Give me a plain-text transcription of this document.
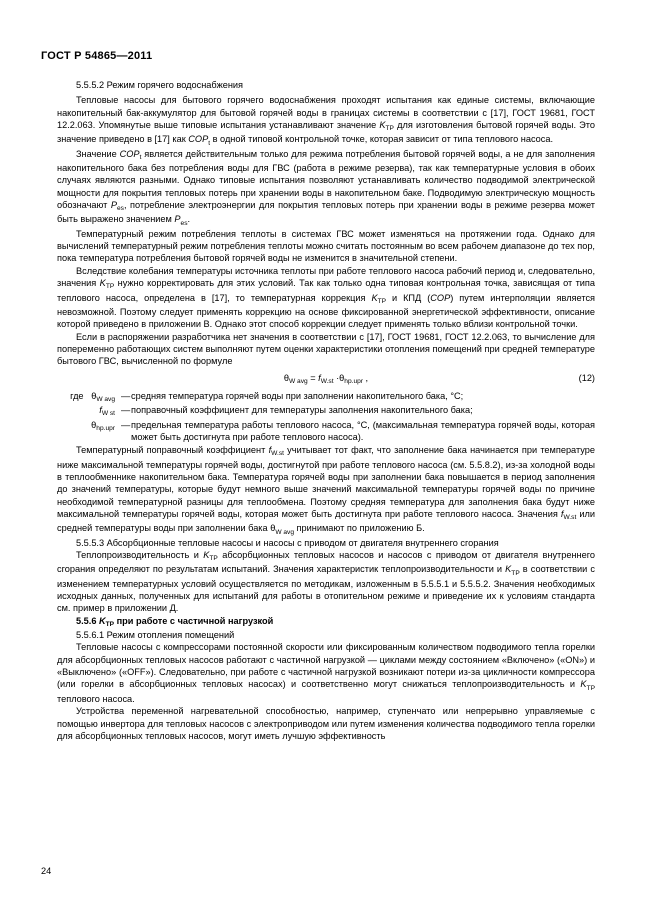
ГОСТ Р 54865—2011

5.5.5.2 Режим горячего водоснабжения

Тепловые насосы для бытового горячего водоснабжения проходят испытания как единые системы, включающие накопительный бак-аккумулятор для бытовой горячей воды в границах системы в соответствии с [17], ГОСТ 19681, ГОСТ 12.2.063. Упомянутые выше типовые испытания устанавливают значение $K_{ТР}$ для изготовления бытовой горячей воды. Это значение приведено в [17] как $COP_t$ в одной типовой контрольной точке, которая зависит от типа теплового насоса.

Значение $COP_t$ является действительным только для режима потребления бытовой горячей воды, а не для заполнения накопительного бака без потребления воды для ГВС (работа в режиме резерва), так как температурные условия в обоих случаях являются разными. Однако типовые испытания позволяют устанавливать количество подводимой электрической мощности для покрытия тепловых потерь при хранении воды в накопительном баке. Подводимую электрическую мощность обозначают $P_{es}$, потребление электроэнергии для покрытия тепловых потерь при хранении воды в режиме резерва может быть выражено значением $P_{es}$.

Температурный режим потребления теплоты в системах ГВС может изменяться на протяжении года. Однако для вычислений температурный режим потребления теплоты можно считать постоянным во всем рабочем диапазоне до тех пор, пока температура потребления бытовой горячей воды не изменится в значительной степени.

Вследствие колебания температуры источника теплоты при работе теплового насоса рабочий период и, следовательно, значения $K_{ТР}$ нужно корректировать для этих условий. Так как только одна типовая контрольная точка, зависящая от типа теплового насоса, определена в [17], то температурная коррекция $K_{ТР}$ и КПД (COP) путем интерполяции является невозможной. Поэтому следует применять коррекцию на основе фиксированной энергетической эффективности, описание которой приведено в приложении В. Однако этот способ коррекции следует применять только вблизи контрольной точки.

Если в распоряжении разработчика нет значения в соответствии с [17], ГОСТ 19681, ГОСТ 12.2.063, то вычисление для попеременно работающих систем выполняют путем оценки характеристики отопления помещений при средней температуре бытового ГВС, вычисленной по формуле

$\theta_{W avg} = f_{W.st} \cdot\theta_{hp.upr}$ ,	(12)
где   $\theta_{W avg}$ — средняя температура горячей воды при заполнении накопительного бака, °С;
$f_{W st}$ — поправочный коэффициент для температуры заполнения накопительного бака;
$\theta_{hp.upr}$ — предельная температура работы теплового насоса, °С, (максимальная температура горячей воды, которая может быть достигнута при работе теплового насоса).

Температурный поправочный коэффициент $f_{W.st}$ учитывает тот факт, что заполнение бака начинается при температуре ниже максимальной температуры горячей воды, достигнутой при работе теплового насоса (см. 5.5.8.2), из-за холодной воды в теплообменнике накопительном бака. Температура горячей воды при заполнении бака повышается в период заполнения до значений температуры, которые будут немного выше значений максимальной температуры горячей воды по причине необходимой температурной разницы для теплообмена. Поэтому средняя температура для заполнения бака будут ниже максимальной температуры горячей воды, которая может быть достигнута при работе теплового насоса. Значения $f_{W.st}$ или средней температуры воды при заполнении бака $\theta_{W avg}$ принимают по приложению Б.

5.5.5.3 Абсорбционные тепловые насосы и насосы с приводом от двигателя внутреннего сгорания

Теплопроизводительность и $K_{ТР}$ абсорбционных тепловых насосов и насосов с приводом от двигателя внутреннего сгорания определяют по результатам испытаний. Значения характеристик теплопроизводительности и $K_{ТР}$ в соответствии с изменением температурных условий осуществляется по методикам, изложенным в 5.5.5.1 и 5.5.5.2. Значения необходимых исходных данных, полученных для испытаний для работы в отопительном режиме и приведение их к условиям стандарта см. пример в приложении Д.

5.5.6 $K_{ТР}$ при работе с частичной нагрузкой

5.5.6.1 Режим отопления помещений

Тепловые насосы с компрессорами постоянной скорости или фиксированным количеством подводимого тепла горелки для абсорбционных тепловых насосов работают с частичной нагрузкой — циклами между состоянием «Включено» («ON») и «Выключено» («OFF»). Следовательно, при работе с частичной нагрузкой возникают потери из-за цикличности компрессора (или горелки в абсорбционных тепловых насосах) и соответственно могут снижаться теплопроизводительность и $K_{ТР}$ теплового насоса.

Устройства переменной нагревательной способностью, например, ступенчато или непрерывно управляемые с помощью инвертора для тепловых насосов с электроприводом или путем изменения количества подводимого тепла горелки для абсорбционных тепловых насосов, могут иметь лучшую эффективность

24
